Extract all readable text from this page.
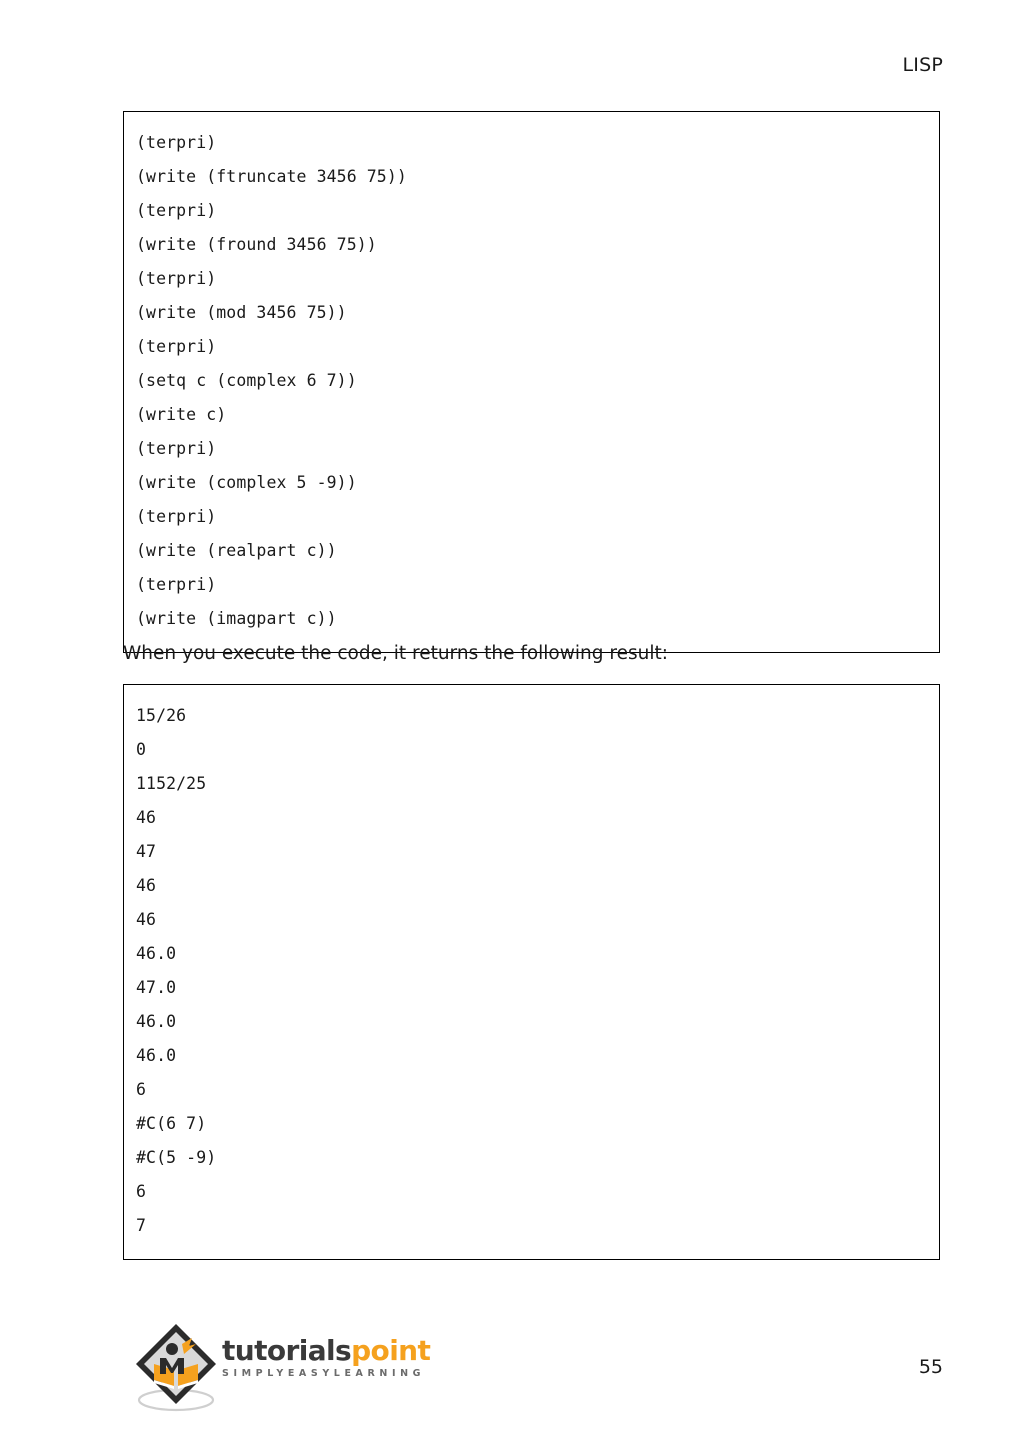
LISP
(terpri)
(write (ftruncate 3456 75))
(terpri)
(write (fround 3456 75))
(terpri)
(write (mod 3456 75))
(terpri)
(setq c (complex 6 7))
(write c)
(terpri)
(write (complex 5 -9))
(terpri)
(write (realpart c))
(terpri)
(write (imagpart c))
When you execute the code, it returns the following result:
15/26
0
1152/25
46
47
46
46
46.0
47.0
46.0
46.0
6
#C(6 7)
#C(5 -9)
6
7
tutorialspoint
SIMPLYEASYLEARNING	55
